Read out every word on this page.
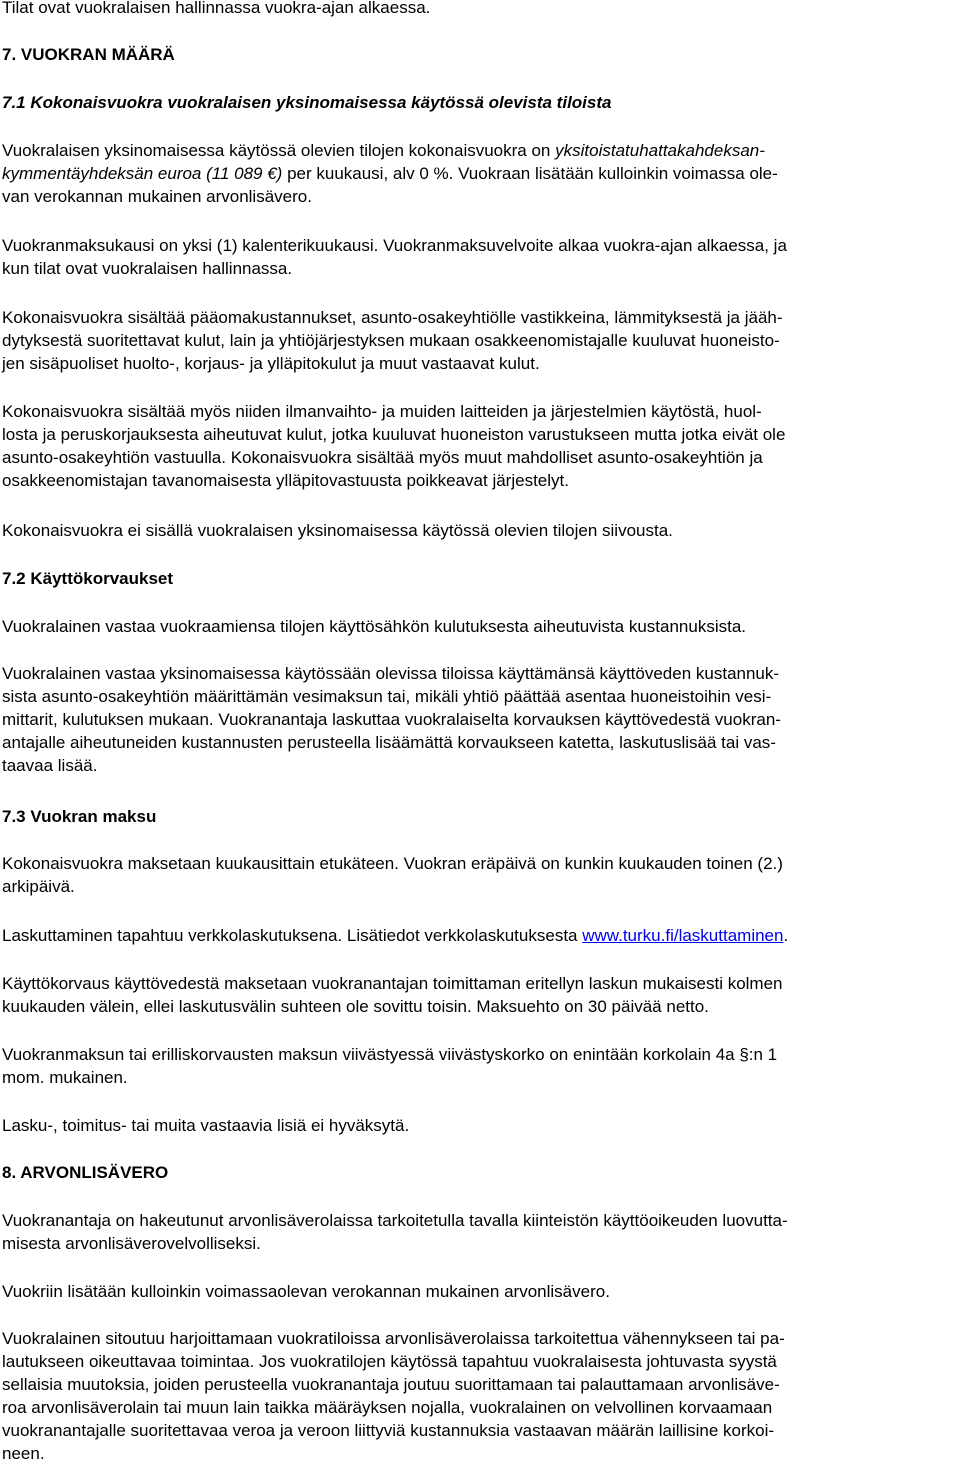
Tilat ovat vuokralaisen hallinnassa vuokra-ajan alkaessa.

7. VUOKRAN MÄÄRÄ
7.1 Kokonaisvuokra vuokralaisen yksinomaisessa käytössä olevista tiloista
Vuokralaisen yksinomaisessa käytössä olevien tilojen kokonaisvuokra on yksitoistatuhattakahdeksan-
kymmentäyhdeksän euroa (11 089 €) per kuukausi, alv 0 %. Vuokraan lisätään kulloinkin voimassa ole-
van verokannan mukainen arvonlisävero.
Vuokranmaksukausi on yksi (1) kalenterikuukausi. Vuokranmaksuvelvoite alkaa vuokra-ajan alkaessa, ja
kun tilat ovat vuokralaisen hallinnassa.
Kokonaisvuokra sisältää pääomakustannukset, asunto-osakeyhtiölle vastikkeina, lämmityksestä ja jääh-
dytyksestä suoritettavat kulut, lain ja yhtiöjärjestyksen mukaan osakkeenomistajalle kuuluvat huoneisto-
jen sisäpuoliset huolto-, korjaus- ja ylläpitokulut ja muut vastaavat kulut.
Kokonaisvuokra sisältää myös niiden ilmanvaihto- ja muiden laitteiden ja järjestelmien käytöstä, huol-
losta ja peruskorjauksesta aiheutuvat kulut, jotka kuuluvat huoneiston varustukseen mutta jotka eivät ole
asunto-osakeyhtiön vastuulla. Kokonaisvuokra sisältää myös muut mahdolliset asunto-osakeyhtiön ja
osakkeenomistajan tavanomaisesta ylläpitovastuusta poikkeavat järjestelyt.
Kokonaisvuokra ei sisällä vuokralaisen yksinomaisessa käytössä olevien tilojen siivousta.
7.2 Käyttökorvaukset
Vuokralainen vastaa vuokraamiensa tilojen käyttösähkön kulutuksesta aiheutuvista kustannuksista.
Vuokralainen vastaa yksinomaisessa käytössään olevissa tiloissa käyttämänsä käyttöveden kustannuk-
sista asunto-osakeyhtiön määrittämän vesimaksun tai, mikäli yhtiö päättää asentaa huoneistoihin vesi-
mittarit, kulutuksen mukaan. Vuokranantaja laskuttaa vuokralaiselta korvauksen käyttövedestä vuokran-
antajalle aiheutuneiden kustannusten perusteella lisäämättä korvaukseen katetta, laskutuslisää tai vas-
taavaa lisää.
7.3 Vuokran maksu
Kokonaisvuokra maksetaan kuukausittain etukäteen. Vuokran eräpäivä on kunkin kuukauden toinen (2.)
arkipäivä.
Laskuttaminen tapahtuu verkkolaskutuksena. Lisätiedot verkkolaskutuksesta www.turku.fi/laskuttaminen.
Käyttökorvaus käyttövedestä maksetaan vuokranantajan toimittaman eritellyn laskun mukaisesti kolmen
kuukauden välein, ellei laskutusvälin suhteen ole sovittu toisin. Maksuehto on 30 päivää netto.
Vuokranmaksun tai erilliskorvausten maksun viivästyessä viivästyskorko on enintään korkolain 4a §:n 1
mom. mukainen.
Lasku-, toimitus- tai muita vastaavia lisiä ei hyväksytä.
8. ARVONLISÄVERO
Vuokranantaja on hakeutunut arvonlisäverolaissa tarkoitetulla tavalla kiinteistön käyttöoikeuden luovutta-
misesta arvonlisäverovelvolliseksi.
Vuokriin lisätään kulloinkin voimassaolevan verokannan mukainen arvonlisävero.
Vuokralainen sitoutuu harjoittamaan vuokratiloissa arvonlisäverolaissa tarkoitettua vähennykseen tai pa-
lautukseen oikeuttavaa toimintaa. Jos vuokratilojen käytössä tapahtuu vuokralaisesta johtuvasta syystä
sellaisia muutoksia, joiden perusteella vuokranantaja joutuu suorittamaan tai palauttamaan arvonlisäve-
roa arvonlisäverolain tai muun lain taikka määräyksen nojalla, vuokralainen on velvollinen korvaamaan
vuokranantajalle suoritettavaa veroa ja veroon liittyviä kustannuksia vastaavan määrän laillisine korkoi-
neen.
